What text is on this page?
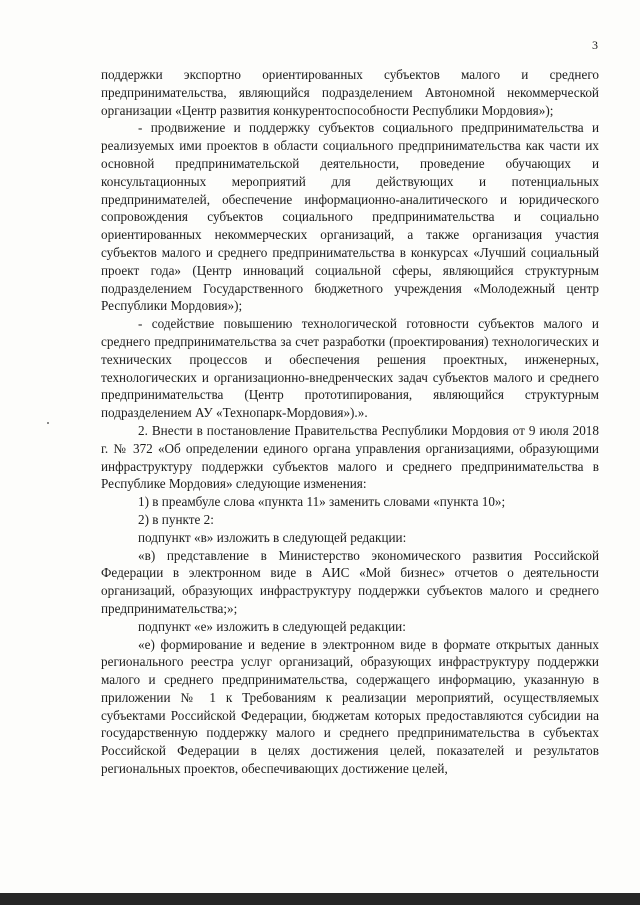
3

поддержки экспортно ориентированных субъектов малого и среднего предпринимательства, являющийся подразделением Автономной некоммерческой организации «Центр развития конкурентоспособности Республики Мордовия»);

- продвижение и поддержку субъектов социального предпринимательства и реализуемых ими проектов в области социального предпринимательства как части их основной предпринимательской деятельности, проведение обучающих и консультационных мероприятий для действующих и потенциальных предпринимателей, обеспечение информационно-аналитического и юридического сопровождения субъектов социального предпринимательства и социально ориентированных некоммерческих организаций, а также организация участия субъектов малого и среднего предпринимательства в конкурсах «Лучший социальный проект года» (Центр инноваций социальной сферы, являющийся структурным подразделением Государственного бюджетного учреждения «Молодежный центр Республики Мордовия»);

- содействие повышению технологической готовности субъектов малого и среднего предпринимательства за счет разработки (проектирования) технологических и технических процессов и обеспечения решения проектных, инженерных, технологических и организационно-внедренческих задач субъектов малого и среднего предпринимательства (Центр прототипирования, являющийся структурным подразделением АУ «Технопарк-Мордовия»).».

2. Внести в постановление Правительства Республики Мордовия от 9 июля 2018 г. № 372 «Об определении единого органа управления организациями, образующими инфраструктуру поддержки субъектов малого и среднего предпринимательства в Республике Мордовия» следующие изменения:

1) в преамбуле слова «пункта 11» заменить словами «пункта 10»;

2) в пункте 2:

подпункт «в» изложить в следующей редакции:

«в) представление в Министерство экономического развития Российской Федерации в электронном виде в АИС «Мой бизнес» отчетов о деятельности организаций, образующих инфраструктуру поддержки субъектов малого и среднего предпринимательства;»;

подпункт «е» изложить в следующей редакции:

«е) формирование и ведение в электронном виде в формате открытых данных регионального реестра услуг организаций, образующих инфраструктуру поддержки малого и среднего предпринимательства, содержащего информацию, указанную в приложении № 1 к Требованиям к реализации мероприятий, осуществляемых субъектами Российской Федерации, бюджетам которых предоставляются субсидии на государственную поддержку малого и среднего предпринимательства в субъектах Российской Федерации в целях достижения целей, показателей и результатов региональных проектов, обеспечивающих достижение целей,
